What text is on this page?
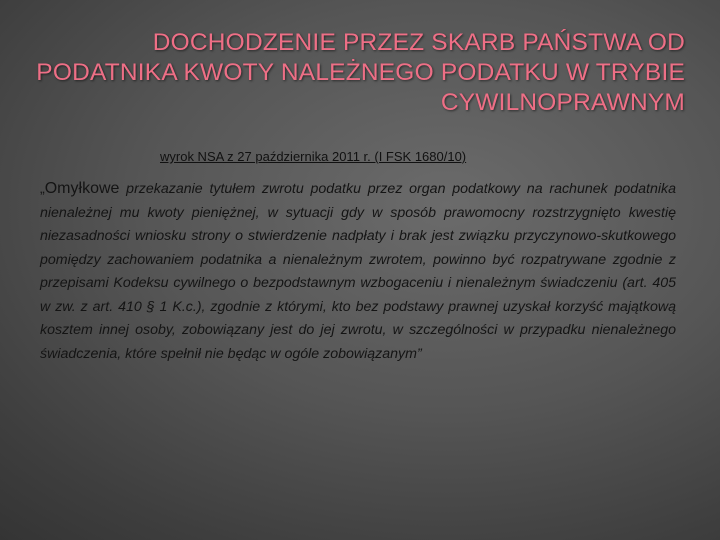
DOCHODZENIE PRZEZ SKARB PAŃSTWA OD PODATNIKA KWOTY NALEŻNEGO PODATKU W TRYBIE CYWILNOPRAWNYM
wyrok NSA z 27 października 2011 r. (I FSK 1680/10)
„Omyłkowe przekazanie tytułem zwrotu podatku przez organ podatkowy na rachunek podatnika nienależnej mu kwoty pieniężnej, w sytuacji gdy w sposób prawomocny rozstrzygnięto kwestię niezasadności wniosku strony o stwierdzenie nadpłaty i brak jest związku przyczynowo-skutkowego pomiędzy zachowaniem podatnika a nienależnym zwrotem, powinno być rozpatrywane zgodnie z przepisami Kodeksu cywilnego o bezpodstawnym wzbogaceniu i nienależnym świadczeniu (art. 405 w zw. z art. 410 § 1 K.c.), zgodnie z którymi, kto bez podstawy prawnej uzyskał korzyść majątkową kosztem innej osoby, zobowiązany jest do jej zwrotu, w szczególności w przypadku nienależnego świadczenia, które spełnił nie będąc w ogóle zobowiązanym”
